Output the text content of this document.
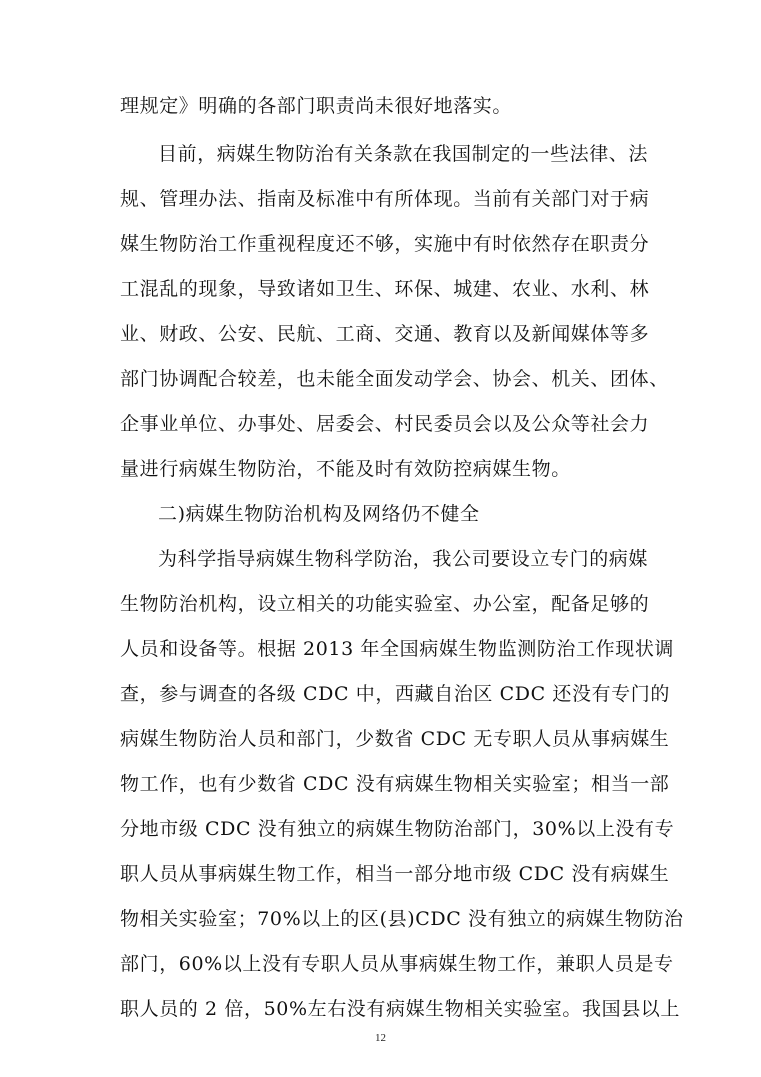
理规定》明确的各部门职责尚未很好地落实。
目前，病媒生物防治有关条款在我国制定的一些法律、法
规、管理办法、指南及标准中有所体现。当前有关部门对于病
媒生物防治工作重视程度还不够，实施中有时依然存在职责分
工混乱的现象，导致诸如卫生、环保、城建、农业、水利、林
业、财政、公安、民航、工商、交通、教育以及新闻媒体等多
部门协调配合较差，也未能全面发动学会、协会、机关、团体、
企事业单位、办事处、居委会、村民委员会以及公众等社会力
量进行病媒生物防治，不能及时有效防控病媒生物。
二)病媒生物防治机构及网络仍不健全
为科学指导病媒生物科学防治，我公司要设立专门的病媒
生物防治机构，设立相关的功能实验室、办公室，配备足够的
人员和设备等。根据 2013 年全国病媒生物监测防治工作现状调
查，参与调查的各级 CDC 中，西藏自治区 CDC 还没有专门的
病媒生物防治人员和部门，少数省 CDC 无专职人员从事病媒生
物工作，也有少数省 CDC 没有病媒生物相关实验室；相当一部
分地市级 CDC 没有独立的病媒生物防治部门，30%以上没有专
职人员从事病媒生物工作，相当一部分地市级 CDC 没有病媒生
物相关实验室；70%以上的区(县)CDC 没有独立的病媒生物防治
部门，60%以上没有专职人员从事病媒生物工作，兼职人员是专
职人员的 2 倍，50%左右没有病媒生物相关实验室。我国县以上
12
